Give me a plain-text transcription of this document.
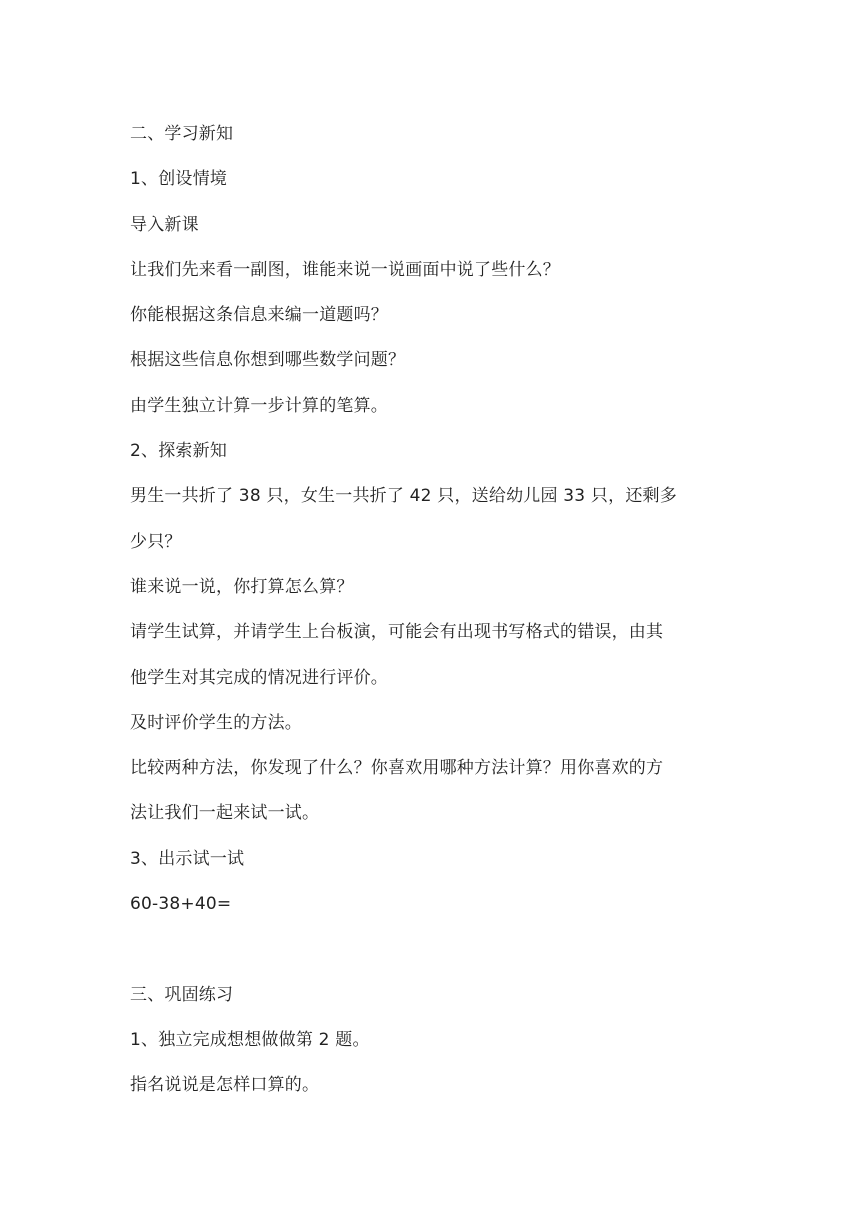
二、学习新知
1、创设情境
导入新课
让我们先来看一副图，谁能来说一说画面中说了些什么？
你能根据这条信息来编一道题吗？
根据这些信息你想到哪些数学问题？
由学生独立计算一步计算的笔算。
2、探索新知
男生一共折了 38 只，女生一共折了 42 只，送给幼儿园 33 只，还剩多
少只？
谁来说一说，你打算怎么算？
请学生试算，并请学生上台板演，可能会有出现书写格式的错误，由其
他学生对其完成的情况进行评价。
及时评价学生的方法。
比较两种方法，你发现了什么？你喜欢用哪种方法计算？用你喜欢的方
法让我们一起来试一试。
3、出示试一试
60-38+40=
三、巩固练习
1、独立完成想想做做第 2 题。
指名说说是怎样口算的。
